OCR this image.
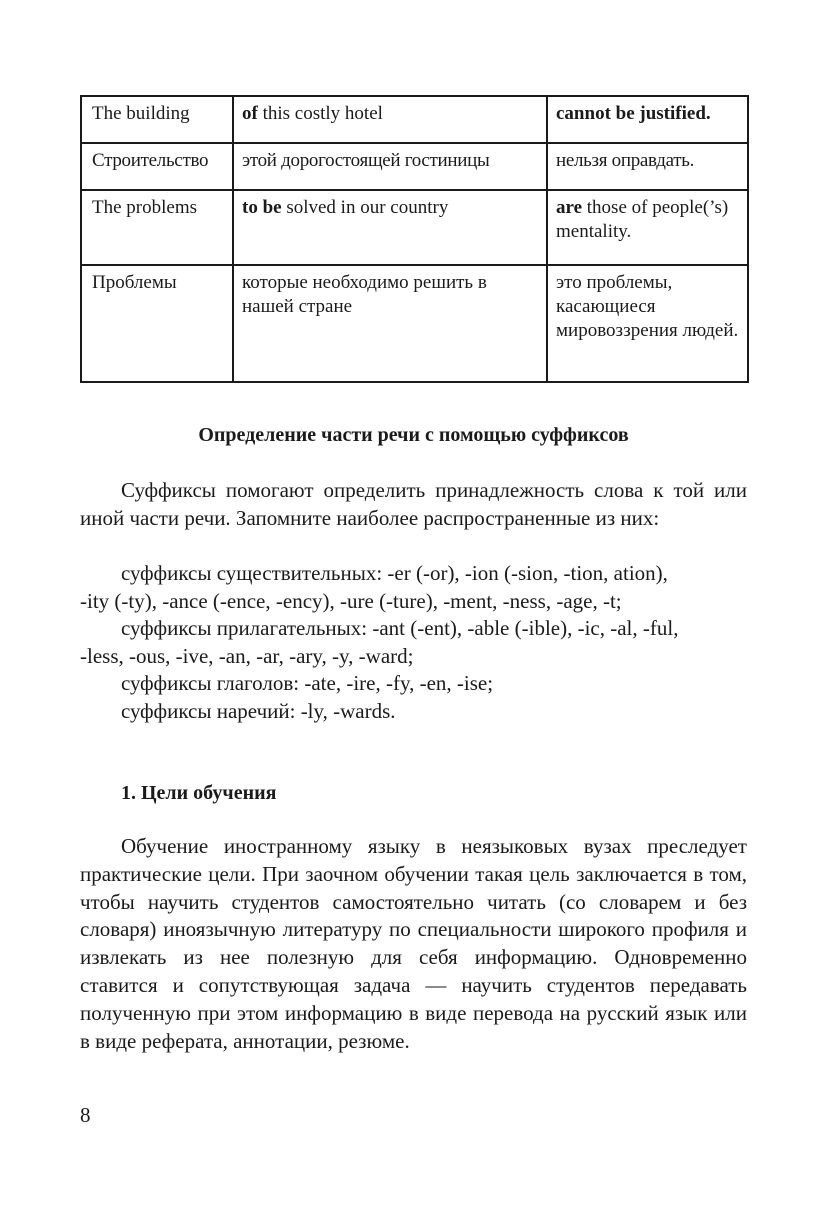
The building	of this costly hotel	cannot be justified.
Строительство	этой дорогостоящей гостиницы	нельзя оправдать.
The problems	to be solved in our country	are those of people(’s) mentality.
Проблемы	которые необходимо решить в нашей стране	это проблемы, касающиеся мировоззрения людей.
Определение части речи с помощью суффиксов

Суффиксы помогают определить принадлежность слова к той или иной части речи. Запомните наиболее распространенные из них:

суффиксы существительных: -er (-or), -ion (-sion, -tion, ation),
-ity (-ty), -ance (-ence, -ency), -ure (-ture), -ment, -ness, -age, -t;
суффиксы прилагательных: -ant (-ent), -able (-ible), -ic, -al, -ful,
-less, -ous, -ive, -an, -ar, -ary, -y, -ward;
суффиксы глаголов: -ate, -ire, -fy, -en, -ise;
суффиксы наречий: -ly, -wards.
1. Цели обучения

Обучение иностранному языку в неязыковых вузах преследует практические цели. При заочном обучении такая цель заключается в том, чтобы научить студентов самостоятельно читать (со словарем и без словаря) иноязычную литературу по специальности широкого профиля и извлекать из нее полезную для себя информацию. Одновременно ставится и сопутствующая задача — научить студентов передавать полученную при этом информацию в виде перевода на русский язык или в виде реферата, аннотации, резюме.

8
